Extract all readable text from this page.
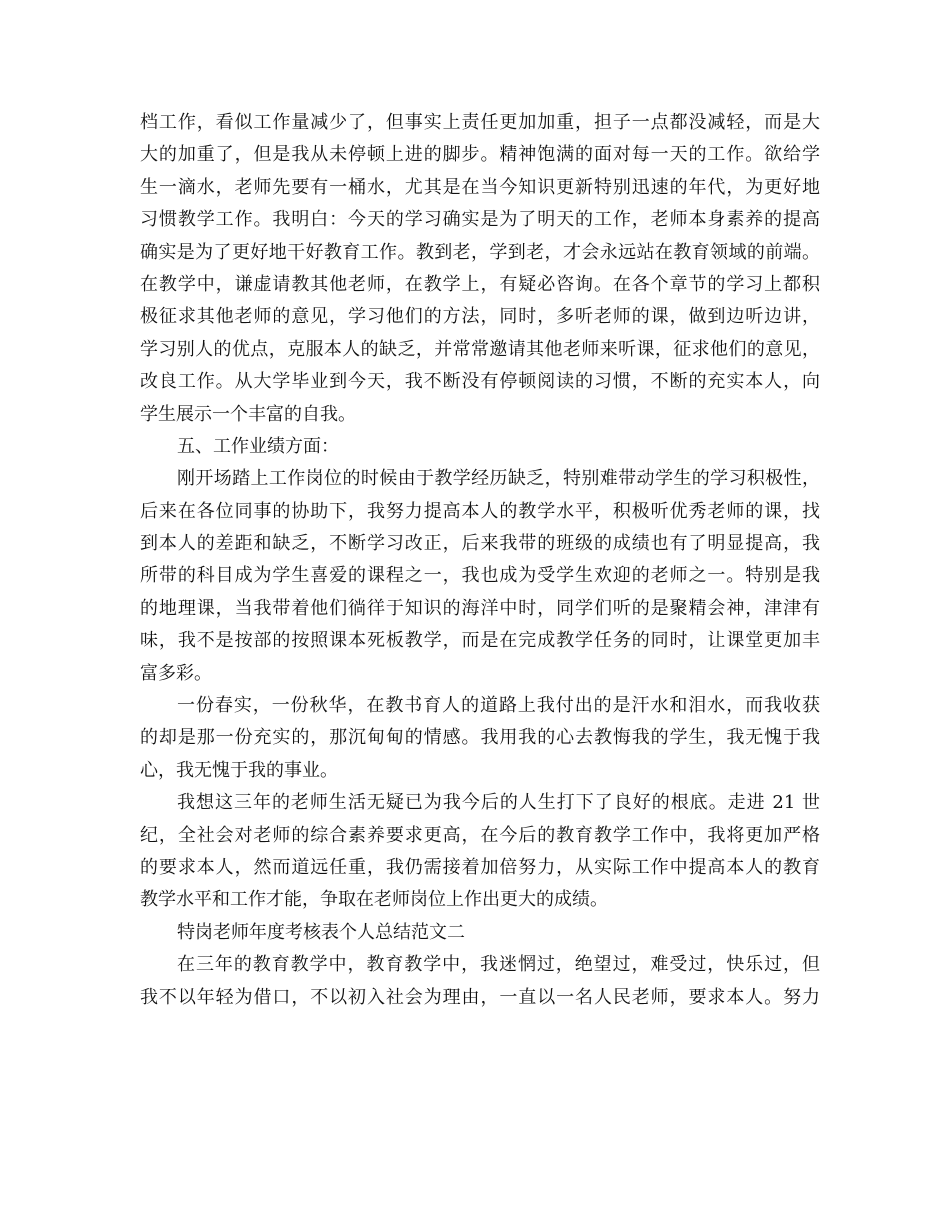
档工作，看似工作量减少了，但事实上责任更加加重，担子一点都没减轻，而是大
大的加重了，但是我从未停顿上进的脚步。精神饱满的面对每一天的工作。欲给学
生一滴水，老师先要有一桶水，尤其是在当今知识更新特别迅速的年代，为更好地
习惯教学工作。我明白：今天的学习确实是为了明天的工作，老师本身素养的提高
确实是为了更好地干好教育工作。教到老，学到老，才会永远站在教育领域的前端。
在教学中，谦虚请教其他老师，在教学上，有疑必咨询。在各个章节的学习上都积
极征求其他老师的意见，学习他们的方法，同时，多听老师的课，做到边听边讲，
学习别人的优点，克服本人的缺乏，并常常邀请其他老师来听课，征求他们的意见，
改良工作。从大学毕业到今天，我不断没有停顿阅读的习惯，不断的充实本人，向
学生展示一个丰富的自我。
五、工作业绩方面：
刚开场踏上工作岗位的时候由于教学经历缺乏，特别难带动学生的学习积极性，
后来在各位同事的协助下，我努力提高本人的教学水平，积极听优秀老师的课，找
到本人的差距和缺乏，不断学习改正，后来我带的班级的成绩也有了明显提高，我
所带的科目成为学生喜爱的课程之一，我也成为受学生欢迎的老师之一。特别是我
的地理课，当我带着他们徜徉于知识的海洋中时，同学们听的是聚精会神，津津有
味，我不是按部的按照课本死板教学，而是在完成教学任务的同时，让课堂更加丰
富多彩。
一份春实，一份秋华，在教书育人的道路上我付出的是汗水和泪水，而我收获
的却是那一份充实的，那沉甸甸的情感。我用我的心去教悔我的学生，我无愧于我
心，我无愧于我的事业。
我想这三年的老师生活无疑已为我今后的人生打下了良好的根底。走进 21 世
纪，全社会对老师的综合素养要求更高，在今后的教育教学工作中，我将更加严格
的要求本人，然而道远任重，我仍需接着加倍努力，从实际工作中提高本人的教育
教学水平和工作才能，争取在老师岗位上作出更大的成绩。
特岗老师年度考核表个人总结范文二
在三年的教育教学中，教育教学中，我迷惘过，绝望过，难受过，快乐过，但
我不以年轻为借口，不以初入社会为理由，一直以一名人民老师，要求本人。努力
